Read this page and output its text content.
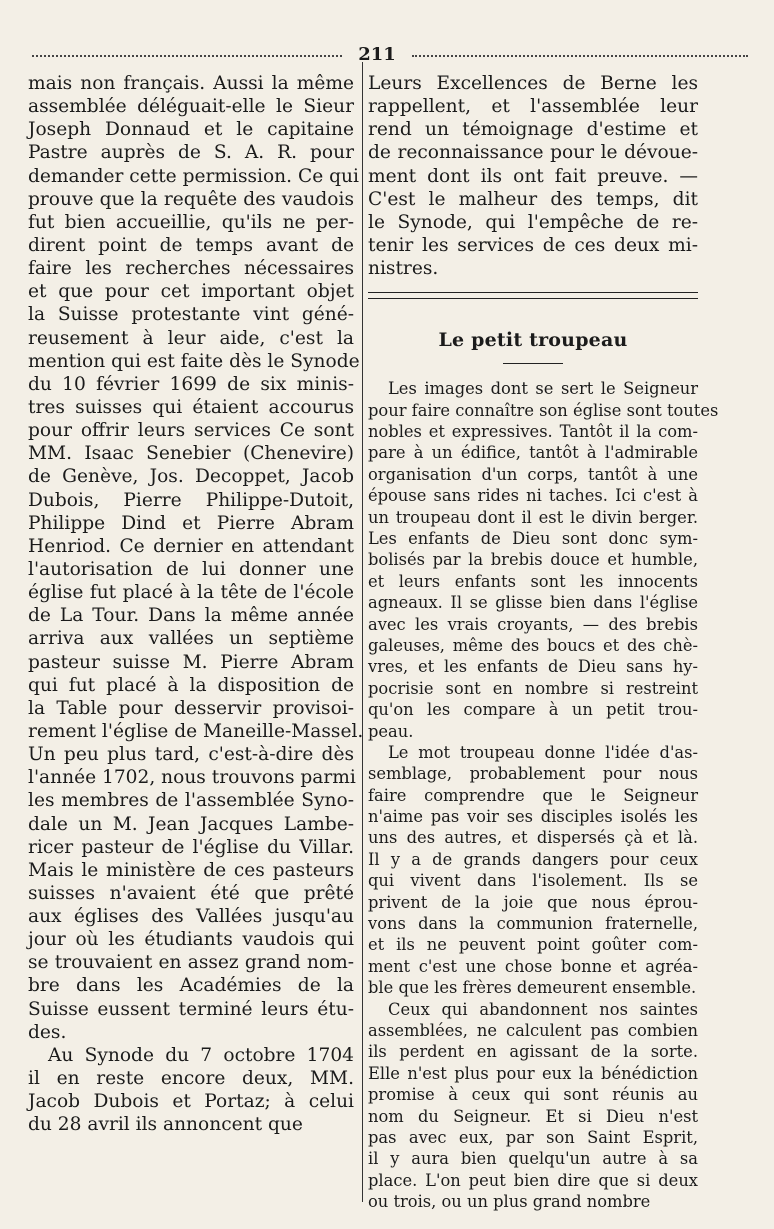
211
mais non français. Aussi la même
assemblée déléguait-elle le Sieur
Joseph Donnaud et le capitaine
Pastre auprès de S. A. R. pour
demander cette permission. Ce qui
prouve que la requête des vaudois
fut bien accueillie, qu'ils ne per-
dirent point de temps avant de
faire les recherches nécessaires
et que pour cet important objet
la Suisse protestante vint géné-
reusement à leur aide, c'est la
mention qui est faite dès le Synode
du 10 février 1699 de six minis-
tres suisses qui étaient accourus
pour offrir leurs services Ce sont
MM. Isaac Senebier (Chenevire)
de Genève, Jos. Decoppet, Jacob
Dubois, Pierre Philippe-Dutoit,
Philippe Dind et Pierre Abram
Henriod. Ce dernier en attendant
l'autorisation de lui donner une
église fut placé à la tête de l'école
de La Tour. Dans la même année
arriva aux vallées un septième
pasteur suisse M. Pierre Abram
qui fut placé à la disposition de
la Table pour desservir provisoi-
rement l'église de Maneille-Massel.
Un peu plus tard, c'est-à-dire dès
l'année 1702, nous trouvons parmi
les membres de l'assemblée Syno-
dale un M. Jean Jacques Lambe-
ricer pasteur de l'église du Villar.
Mais le ministère de ces pasteurs
suisses n'avaient été que prêté
aux églises des Vallées jusqu'au
jour où les étudiants vaudois qui
se trouvaient en assez grand nom-
bre dans les Académies de la
Suisse eussent terminé leurs étu-
des.
Au Synode du 7 octobre 1704
il en reste encore deux, MM.
Jacob Dubois et Portaz; à celui
du 28 avril ils annoncent que
Leurs Excellences de Berne les
rappellent, et l'assemblée leur
rend un témoignage d'estime et
de reconnaissance pour le dévoue-
ment dont ils ont fait preuve. —
C'est le malheur des temps, dit
le Synode, qui l'empêche de re-
tenir les services de ces deux mi-
nistres.
Le petit troupeau
Les images dont se sert le Seigneur
pour faire connaître son église sont toutes
nobles et expressives. Tantôt il la com-
pare à un édifice, tantôt à l'admirable
organisation d'un corps, tantôt à une
épouse sans rides ni taches. Ici c'est à
un troupeau dont il est le divin berger.
Les enfants de Dieu sont donc sym-
bolisés par la brebis douce et humble,
et leurs enfants sont les innocents
agneaux. Il se glisse bien dans l'église
avec les vrais croyants, — des brebis
galeuses, même des boucs et des chè-
vres, et les enfants de Dieu sans hy-
pocrisie sont en nombre si restreint
qu'on les compare à un petit trou-
peau.
Le mot troupeau donne l'idée d'as-
semblage, probablement pour nous
faire comprendre que le Seigneur
n'aime pas voir ses disciples isolés les
uns des autres, et dispersés çà et là.
Il y a de grands dangers pour ceux
qui vivent dans l'isolement. Ils se
privent de la joie que nous éprou-
vons dans la communion fraternelle,
et ils ne peuvent point goûter com-
ment c'est une chose bonne et agréa-
ble que les frères demeurent ensemble.
Ceux qui abandonnent nos saintes
assemblées, ne calculent pas combien
ils perdent en agissant de la sorte.
Elle n'est plus pour eux la bénédiction
promise à ceux qui sont réunis au
nom du Seigneur. Et si Dieu n'est
pas avec eux, par son Saint Esprit,
il y aura bien quelqu'un autre à sa
place. L'on peut bien dire que si deux
ou trois, ou un plus grand nombre
